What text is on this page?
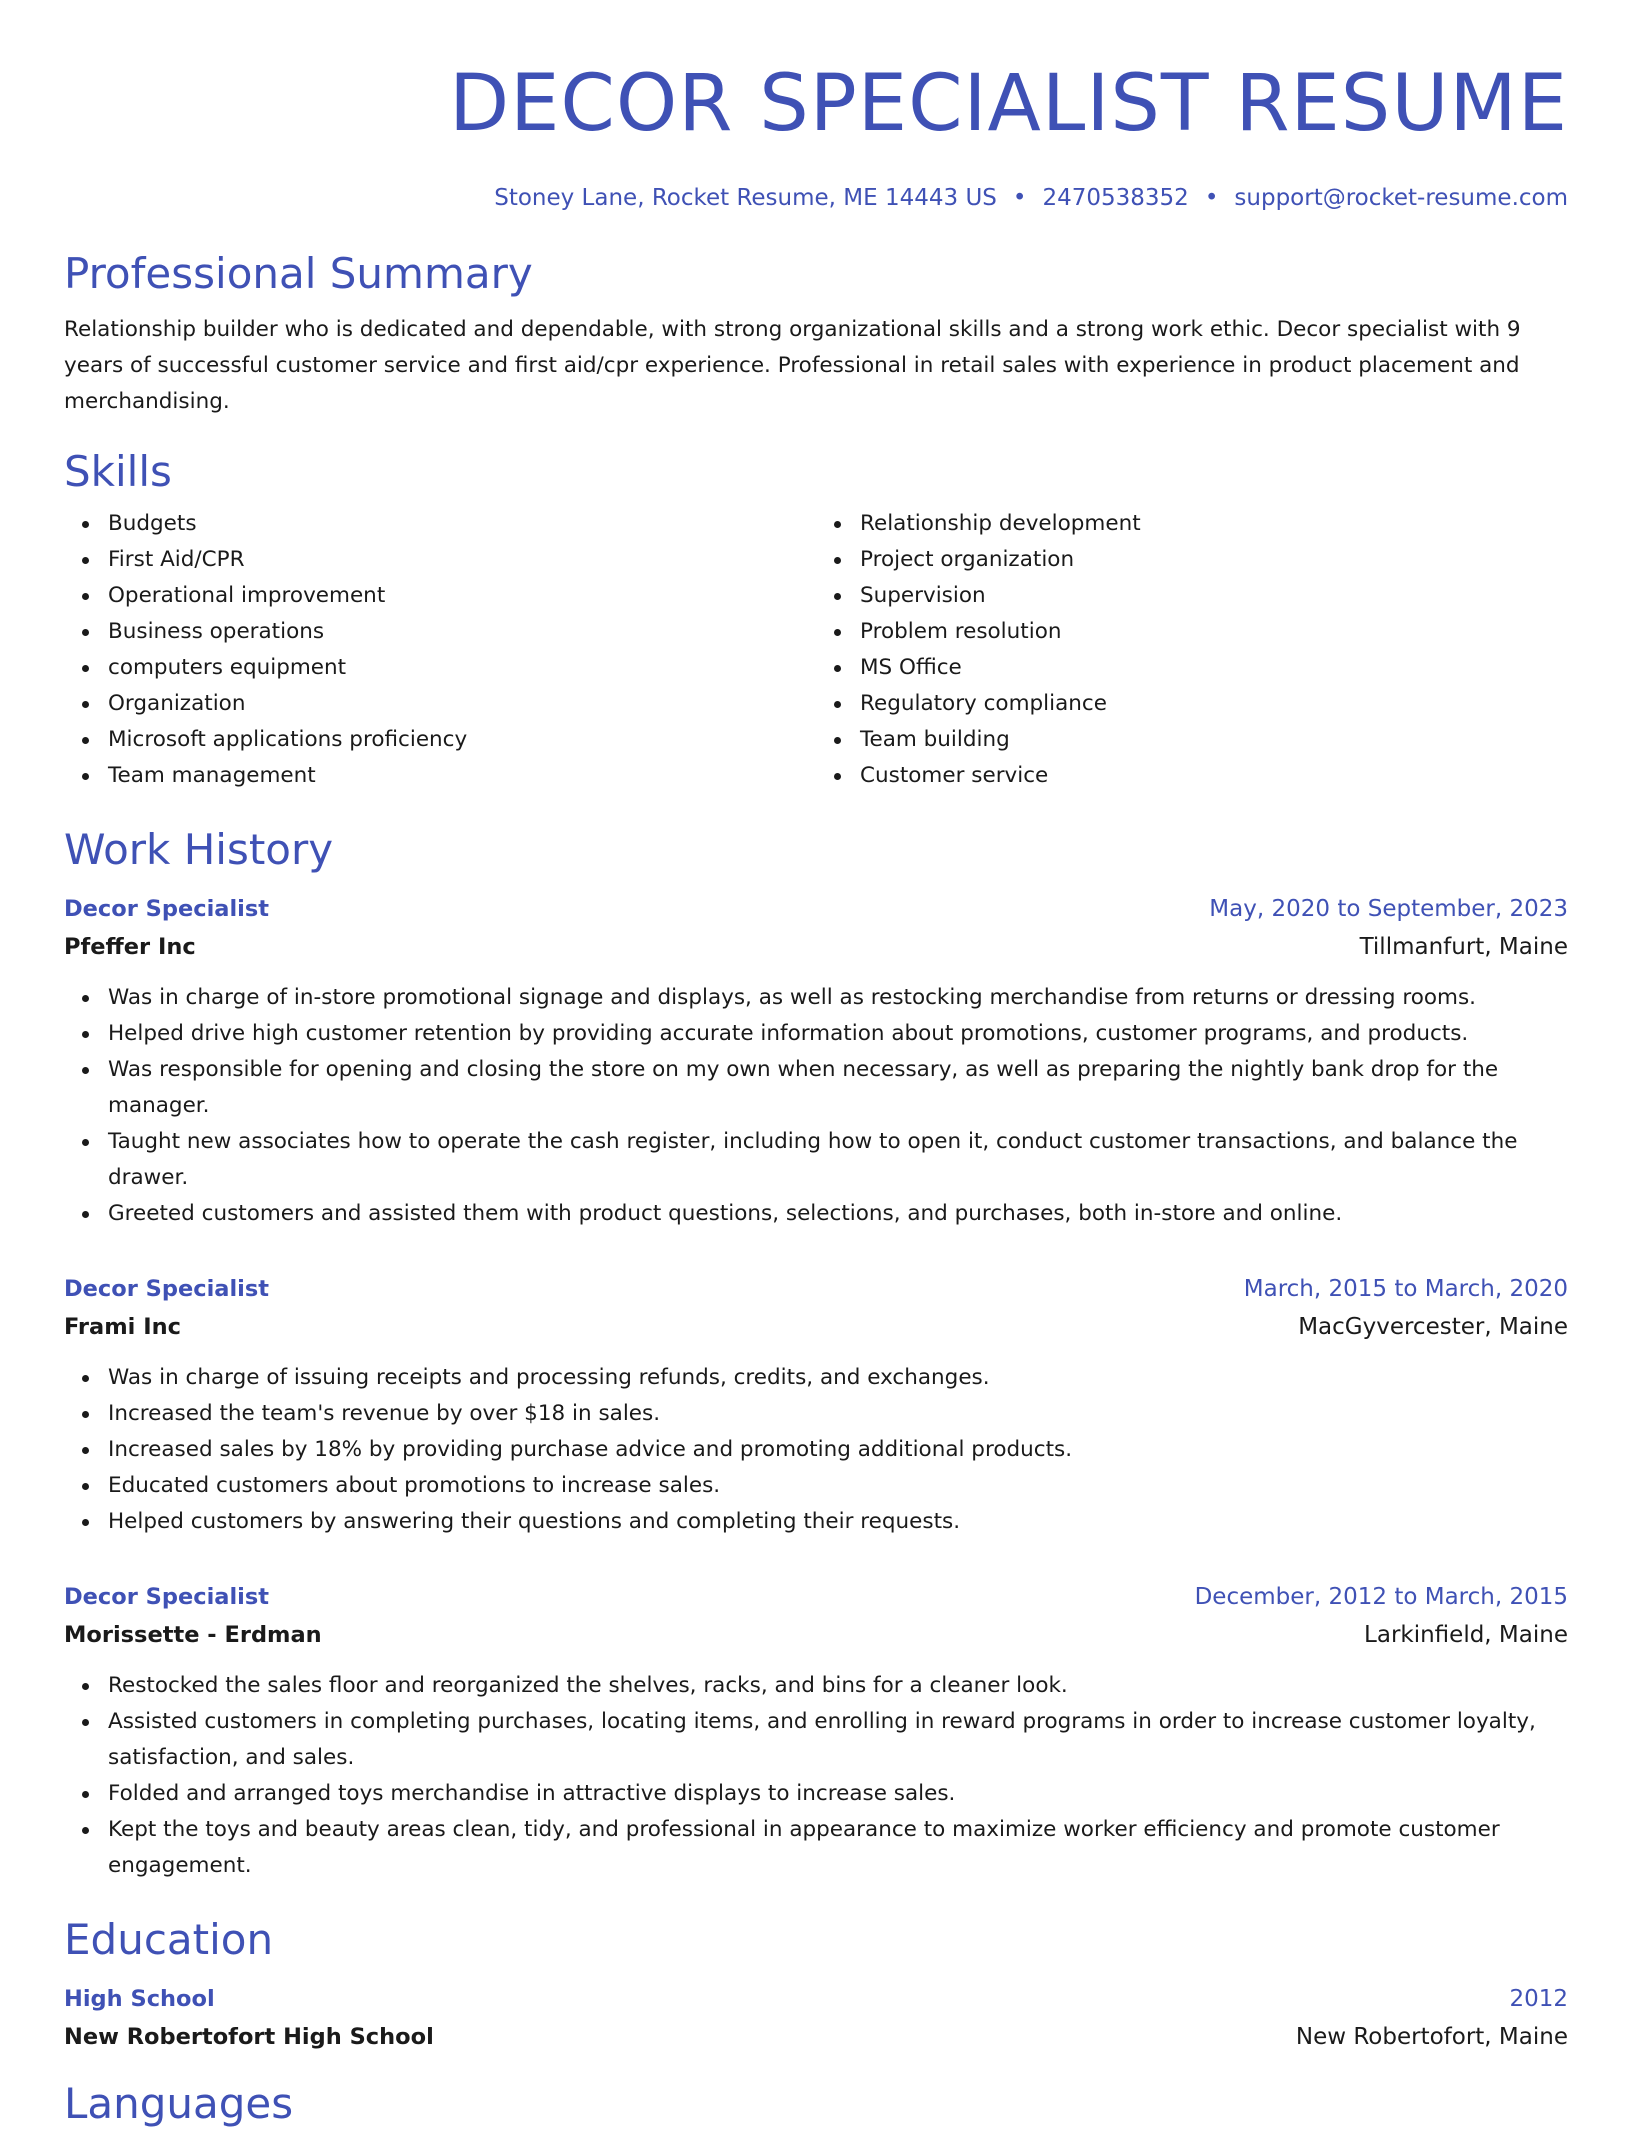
DECOR SPECIALIST RESUME
Stoney Lane, Rocket Resume, ME 14443 US • 2470538352 • support@rocket-resume.com
Professional Summary
Relationship builder who is dedicated and dependable, with strong organizational skills and a strong work ethic. Decor specialist with 9 years of successful customer service and first aid/cpr experience. Professional in retail sales with experience in product placement and merchandising.
Skills
Budgets
First Aid/CPR
Operational improvement
Business operations
computers equipment
Organization
Microsoft applications proficiency
Team management
Relationship development
Project organization
Supervision
Problem resolution
MS Office
Regulatory compliance
Team building
Customer service
Work History
Decor Specialist	May, 2020 to September, 2023
Pfeffer Inc	Tillmanfurt, Maine
Was in charge of in-store promotional signage and displays, as well as restocking merchandise from returns or dressing rooms.
Helped drive high customer retention by providing accurate information about promotions, customer programs, and products.
Was responsible for opening and closing the store on my own when necessary, as well as preparing the nightly bank drop for the manager.
Taught new associates how to operate the cash register, including how to open it, conduct customer transactions, and balance the drawer.
Greeted customers and assisted them with product questions, selections, and purchases, both in-store and online.
Decor Specialist	March, 2015 to March, 2020
Frami Inc	MacGyvercester, Maine
Was in charge of issuing receipts and processing refunds, credits, and exchanges.
Increased the team's revenue by over $18 in sales.
Increased sales by 18% by providing purchase advice and promoting additional products.
Educated customers about promotions to increase sales.
Helped customers by answering their questions and completing their requests.
Decor Specialist	December, 2012 to March, 2015
Morissette - Erdman	Larkinfield, Maine
Restocked the sales floor and reorganized the shelves, racks, and bins for a cleaner look.
Assisted customers in completing purchases, locating items, and enrolling in reward programs in order to increase customer loyalty, satisfaction, and sales.
Folded and arranged toys merchandise in attractive displays to increase sales.
Kept the toys and beauty areas clean, tidy, and professional in appearance to maximize worker efficiency and promote customer engagement.
Education
High School	2012
New Robertofort High School	New Robertofort, Maine
Languages
